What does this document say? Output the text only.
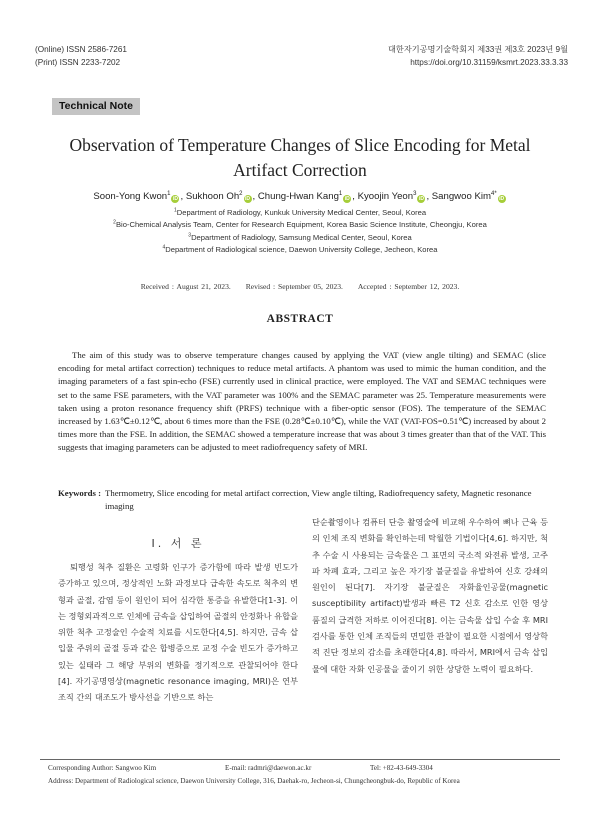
(Online) ISSN 2586-7261
(Print) ISSN 2233-7202
대한자기공명기술학회지 제33권 제3호 2023년 9월
https://doi.org/10.31159/ksmrt.2023.33.3.33
Technical Note
Observation of Temperature Changes of Slice Encoding for Metal
Artifact Correction
Soon-Yong Kwon$^1$iD , Sukhoon Oh$^2$iD , Chung-Hwan Kang$^1$iD , Kyoojin Yeon$^3$iD , Sangwoo Kim$^{4*}$iD
$^1$Department of Radiology, Kunkuk University Medical Center, Seoul, Korea
$^2$Bio-Chemical Analysis Team, Center for Research Equipment, Korea Basic Science Institute, Cheongju, Korea
$^3$Department of Radiology, Samsung Medical Center, Seoul, Korea
$^4$Department of Radiological science, Daewon University College, Jecheon, Korea
Received : August 21, 2023. Revised : September 05, 2023. Accepted : September 12, 2023.
ABSTRACT
The aim of this study was to observe temperature changes caused by applying the VAT (view angle tilting) and SEMAC (slice encoding for metal artifact correction) techniques to reduce metal artifacts. A phantom was used to mimic the human condition, and the imaging parameters of a fast spin-echo (FSE) currently used in clinical practice, were employed. The VAT and SEMAC techniques were set to the same FSE parameters, with the VAT parameter was 100% and the SEMAC parameter was 25. Temperature measurements were taken using a proton resonance frequency shift (PRFS) technique with a fiber-optic sensor (FOS). The temperature of the SEMAC increased by 1.63℃±0.12℃, about 6 times more than the FSE (0.28℃±0.10℃), while the VAT (VAT-FOS=0.51℃) increased by about 2 times more than the FSE. In addition, the SEMAC showed a temperature increase that was about 3 times greater than that of the VAT. This suggests that imaging parameters can be adjusted to meet radiofrequency safety of MRI.
Keywords : Thermometry, Slice encoding for metal artifact correction, View angle tilting, Radiofrequency safety, Magnetic resonance imaging
Ⅰ. 서 론
퇴행성 척추 질환은 고령화 인구가 증가함에 따라 발생 빈도가 증가하고 있으며, 정상적인 노화 과정보다 급속한 속도로 척추의 변형과 골절, 감염 등이 원인이 되어 심각한 통증을 유발한다[1-3]. 이는 정형외과적으로 인체에 금속을 삽입하여 골절의 안정화나 유합을 위한 척추 고정술인 수술적 치료를 시도한다[4,5]. 하지만, 금속 삽입물 주위의 골절 등과 같은 합병증으로 교정 수술 빈도가 증가하고 있는 실태라 그 해당 부위의 변화를 정기적으로 관찰되어야 한다[4]. 자기공명영상(magnetic resonance imaging, MRI)은 연부조직 간의 대조도가 방사선을 기반으로 하는
단순촬영이나 컴퓨터 단층 촬영술에 비교해 우수하여 뼈나 근육 등의 인체 조직 변화를 확인하는데 탁월한 기법이다[4,6]. 하지만, 척추 수술 시 사용되는 금속물은 그 표면의 국소적 와전류 발생, 고주파 차폐 효과, 그리고 높은 자기장 불균질을 유발하여 신호 강쇄의 원인이 된다[7]. 자기장 불균질은 자화율인공물(magnetic susceptibility artifact)발생과 빠른 T2 신호 감소로 인한 영상 품질의 급격한 저하로 이어진다[8]. 이는 금속물 삽입 수술 후 MRI 검사를 통한 인체 조직들의 면밀한 관찰이 필요한 시점에서 영상학적 진단 정보의 감소를 초래한다[4,8]. 따라서, MRI에서 금속 삽입물에 대한 자화 인공물을 줄이기 위한 상당한 노력이 필요하다.
Corresponding Author: Sangwoo Kim	E-mail: radmri@daewon.ac.kr	Tel: +82-43-649-3304
Address: Department of Radiological science, Daewon University College, 316, Daehak-ro, Jecheon-si, Chungcheongbuk-do, Republic of Korea
